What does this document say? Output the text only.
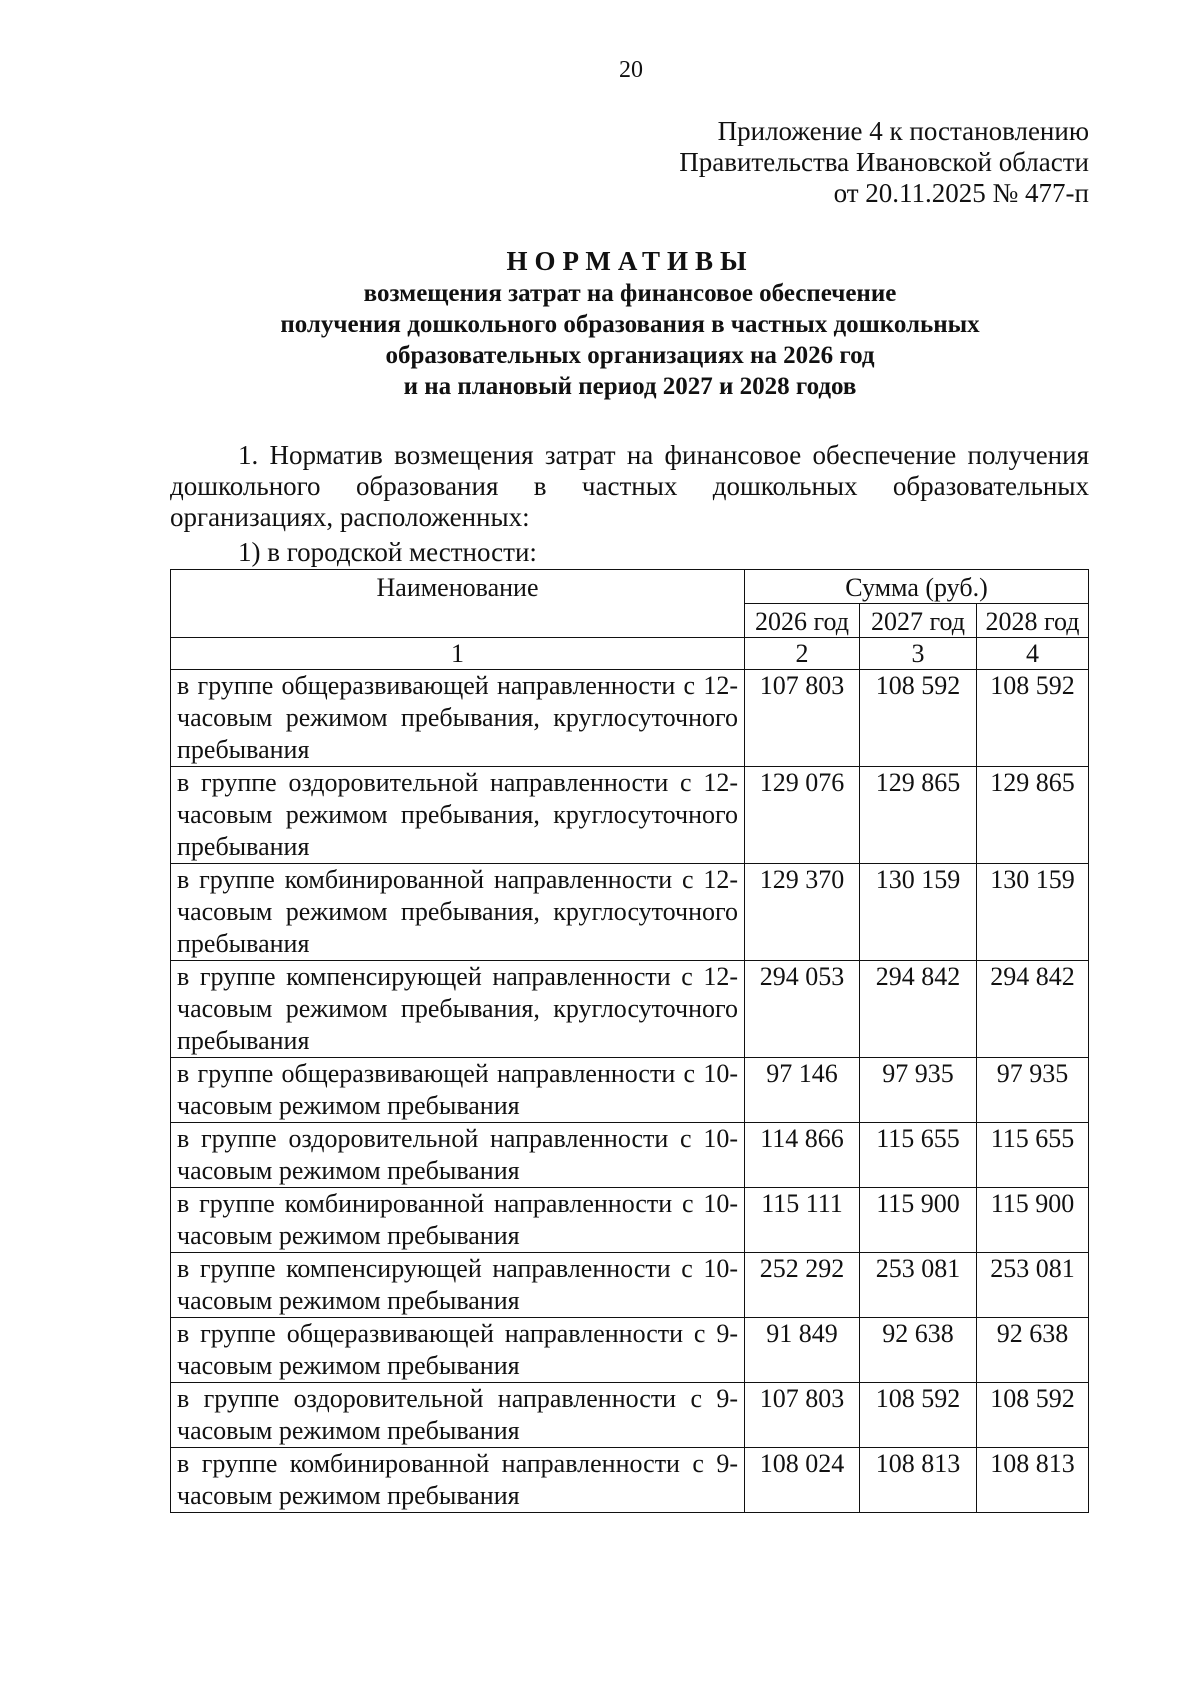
20
Приложение 4 к постановлению
Правительства Ивановской области
от 20.11.2025 № 477-п
НОРМАТИВЫ
возмещения затрат на финансовое обеспечение
получения дошкольного образования в частных дошкольных
образовательных организациях на 2026 год
и на плановый период 2027 и 2028 годов
1. Норматив возмещения затрат на финансовое обеспечение получения дошкольного образования в частных дошкольных образовательных организациях, расположенных:
1) в городской местности:
Наименование	Сумма (руб.)		
	2026 год	2027 год	2028 год
1	2	3	4
в группе общеразвивающей направленности с 12-часовым режимом пребывания, круглосуточного пребывания	107 803	108 592	108 592
в группе оздоровительной направленности с 12-часовым режимом пребывания, круглосуточного пребывания	129 076	129 865	129 865
в группе комбинированной направленности с 12-часовым режимом пребывания, круглосуточного пребывания	129 370	130 159	130 159
в группе компенсирующей направленности с 12-часовым режимом пребывания, круглосуточного пребывания	294 053	294 842	294 842
в группе общеразвивающей направленности с 10-часовым режимом пребывания	97 146	97 935	97 935
в группе оздоровительной направленности с 10-часовым режимом пребывания	114 866	115 655	115 655
в группе комбинированной направленности с 10-часовым режимом пребывания	115 111	115 900	115 900
в группе компенсирующей направленности с 10-часовым режимом пребывания	252 292	253 081	253 081
в группе общеразвивающей направленности с 9-часовым режимом пребывания	91 849	92 638	92 638
в группе оздоровительной направленности с 9-часовым режимом пребывания	107 803	108 592	108 592
в группе комбинированной направленности с 9-часовым режимом пребывания	108 024	108 813	108 813
